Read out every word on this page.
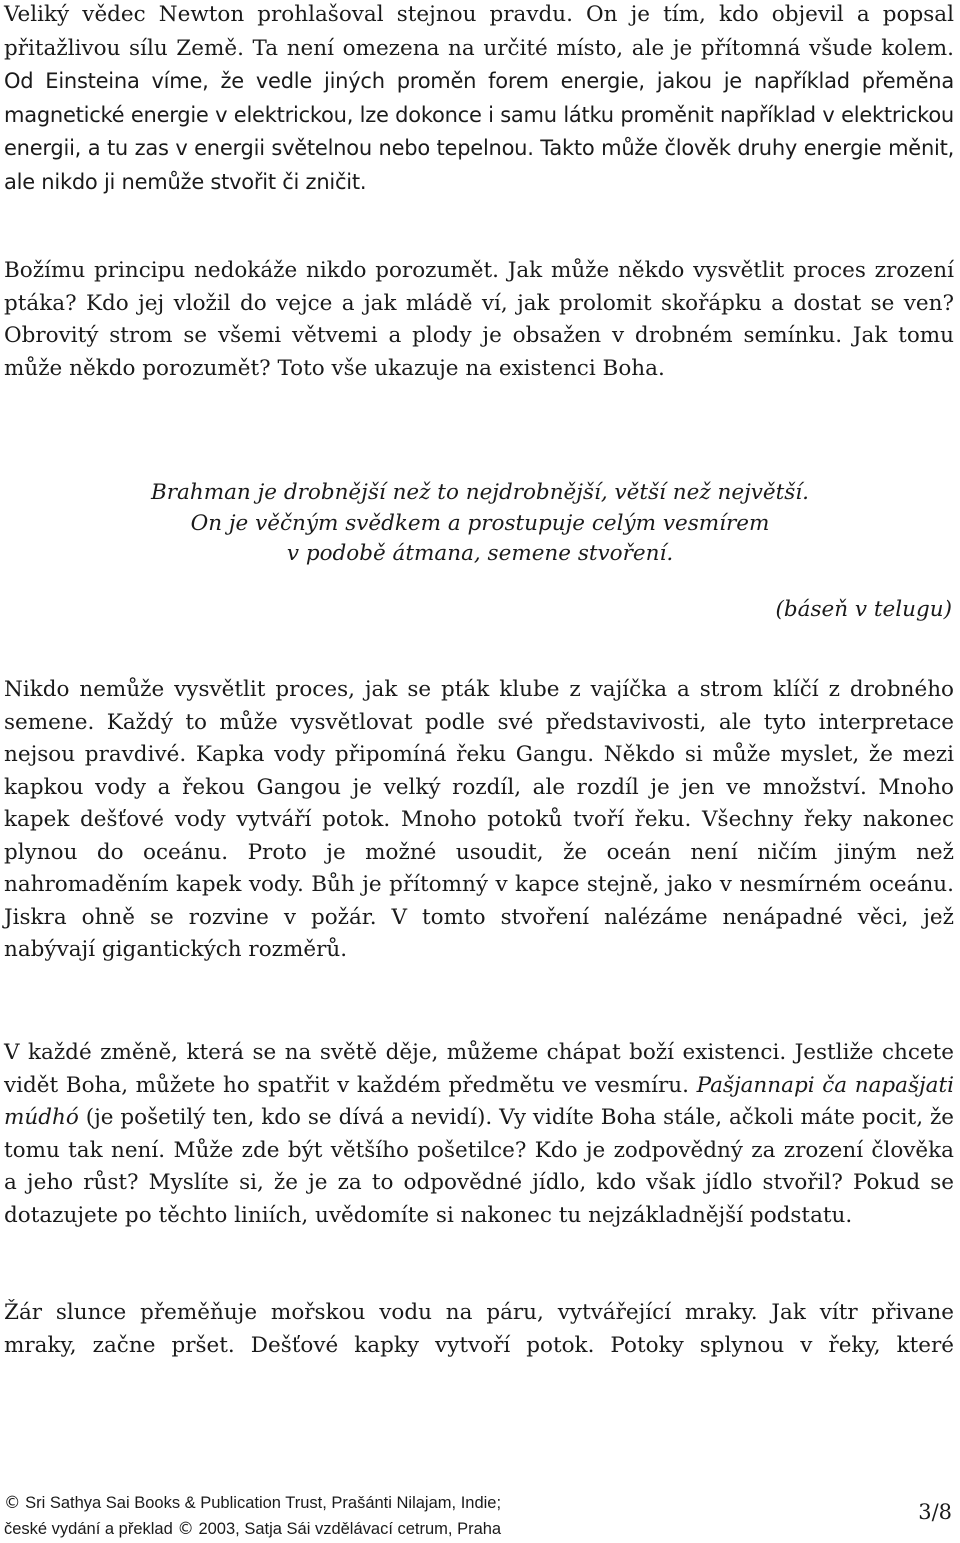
Veliký vědec Newton prohlašoval stejnou pravdu. On je tím, kdo objevil a popsal přitažlivou sílu Země. Ta není omezena na určité místo, ale je přítomná všude kolem. Od Einsteina víme, že vedle jiných proměn forem energie, jakou je například přeměna magnetické energie v elektrickou, lze dokonce i samu látku proměnit například v elektrickou energii, a tu zas v energii světelnou nebo tepelnou. Takto může člověk druhy energie měnit, ale nikdo ji nemůže stvořit či zničit.

Božímu principu nedokáže nikdo porozumět. Jak může někdo vysvětlit proces zrození ptáka? Kdo jej vložil do vejce a jak mládě ví, jak prolomit skořápku a dostat se ven? Obrovitý strom se všemi větvemi a plody je obsažen v drobném semínku. Jak tomu může někdo porozumět? Toto vše ukazuje na existenci Boha.

Brahman je drobnější než to nejdrobnější, větší než největší.
On je věčným svědkem a prostupuje celým vesmírem
v podobě átmana, semene stvoření.

(báseň v telugu)

Nikdo nemůže vysvětlit proces, jak se pták klube z vajíčka a strom klíčí z drobného semene. Každý to může vysvětlovat podle své představivosti, ale tyto interpretace nejsou pravdivé. Kapka vody připomíná řeku Gangu. Někdo si může myslet, že mezi kapkou vody a řekou Gangou je velký rozdíl, ale rozdíl je jen ve množství. Mnoho kapek dešťové vody vytváří potok. Mnoho potoků tvoří řeku. Všechny řeky nakonec plynou do oceánu. Proto je možné usoudit, že oceán není ničím jiným než nahromaděním kapek vody. Bůh je přítomný v kapce stejně, jako v nesmírném oceánu. Jiskra ohně se rozvine v požár. V tomto stvoření nalézáme nenápadné věci, jež nabývají gigantických rozměrů.

V každé změně, která se na světě děje, můžeme chápat boží existenci. Jestliže chcete vidět Boha, můžete ho spatřit v každém předmětu ve vesmíru. Pašjannapi ča napašjati múdhó (je pošetilý ten, kdo se dívá a nevidí). Vy vidíte Boha stále, ačkoli máte pocit, že tomu tak není. Může zde být většího pošetilce? Kdo je zodpovědný za zrození člověka a jeho růst? Myslíte si, že je za to odpovědné jídlo, kdo však jídlo stvořil? Pokud se dotazujete po těchto liniích, uvědomíte si nakonec tu nejzákladnější podstatu.

Žár slunce přeměňuje mořskou vodu na páru, vytvářející mraky. Jak vítr přivane mraky, začne pršet. Dešťové kapky vytvoří potok. Potoky splynou v řeky, které

© Sri Sathya Sai Books & Publication Trust, Prašánti Nilajam, Indie;
české vydání a překlad © 2003, Satja Sái vzdělávací cetrum, Praha
3/8
